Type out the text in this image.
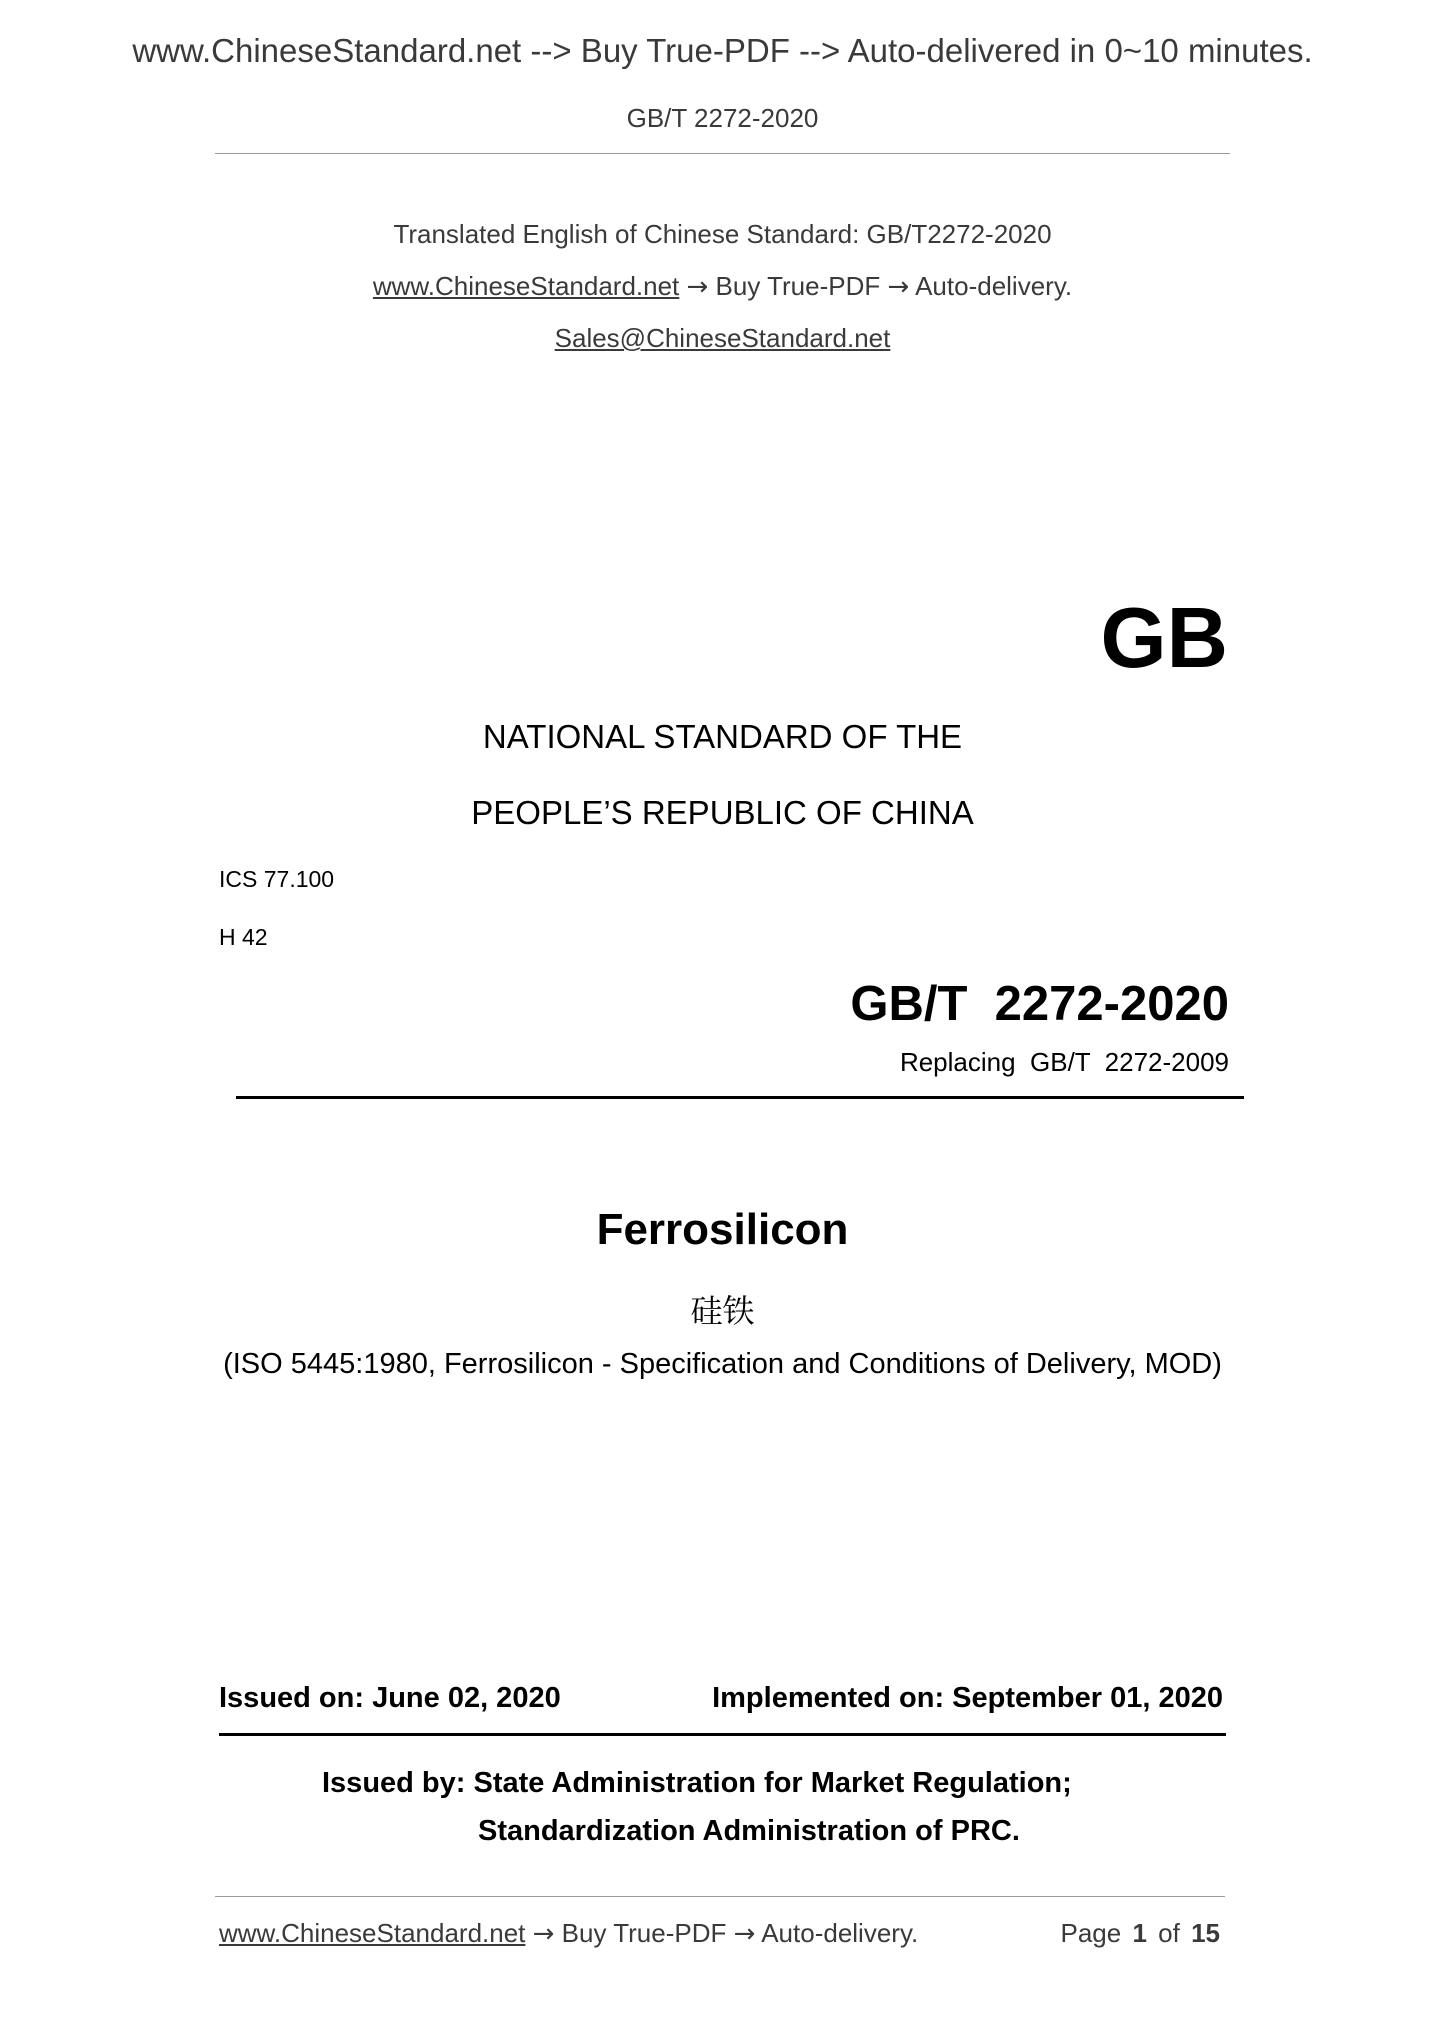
www.ChineseStandard.net --> Buy True-PDF --> Auto-delivered in 0~10 minutes.
GB/T 2272-2020
Translated English of Chinese Standard: GB/T2272-2020
www.ChineseStandard.net → Buy True-PDF → Auto-delivery.
Sales@ChineseStandard.net
GB
NATIONAL STANDARD OF THE
PEOPLE’S REPUBLIC OF CHINA
ICS 77.100
H 42
GB/T  2272-2020
Replacing  GB/T  2272-2009
Ferrosilicon
硅铁
(ISO 5445:1980, Ferrosilicon - Specification and Conditions of Delivery, MOD)
Issued on: June 02, 2020	Implemented on: September 01, 2020
Issued by: State Administration for Market Regulation;
Standardization Administration of PRC.
www.ChineseStandard.net → Buy True-PDF → Auto-delivery.	Page 1 of 15
